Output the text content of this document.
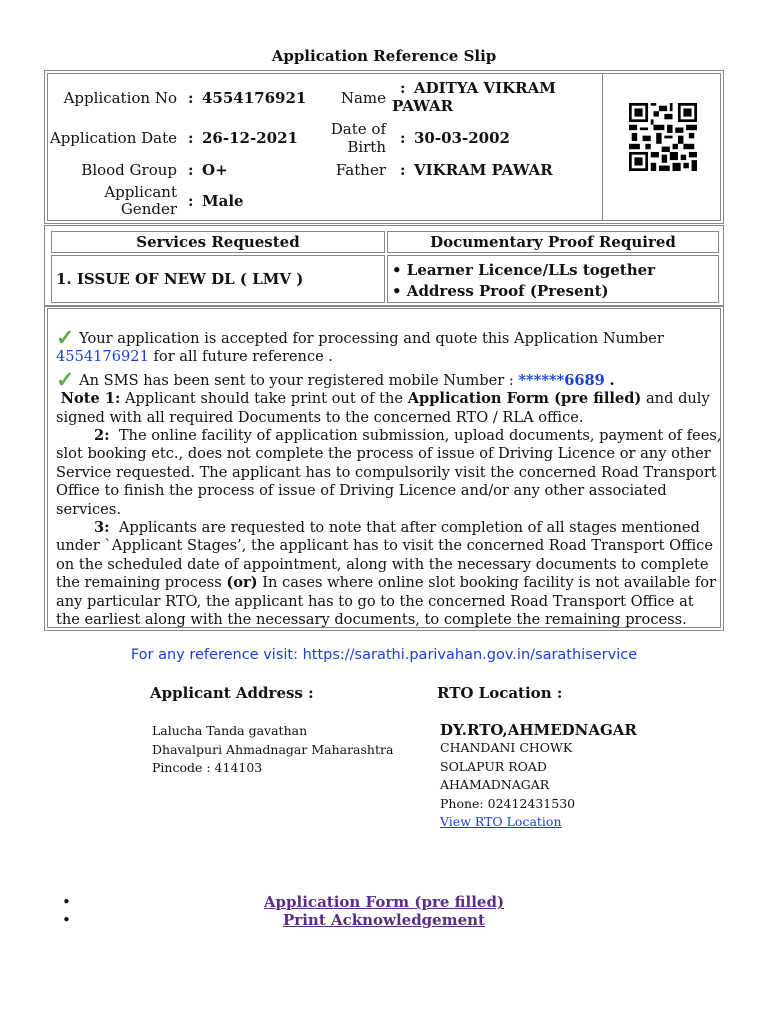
Application Reference Slip
Application No : 4554176921
Application Date : 26-12-2021
Blood Group : O+
Applicant
Gender : Male
Name
: ADITYA VIKRAM
PAWAR
Date of
Birth : 30-03-2002
Father : VIKRAM PAWAR
Services Requested	Documentary Proof Required
1. ISSUE OF NEW DL ( LMV )	• Learner Licence/LLs together
• Address Proof (Present)
✓ Your application is accepted for processing and quote this Application Number 4554176921 for all future reference .
✓ An SMS has been sent to your registered mobile Number : ******6689 .
Note 1: Applicant should take print out of the Application Form (pre filled) and duly signed with all required Documents to the concerned RTO / RLA office.
2: The online facility of application submission, upload documents, payment of fees, slot booking etc., does not complete the process of issue of Driving Licence or any other Service requested. The applicant has to compulsorily visit the concerned Road Transport Office to finish the process of issue of Driving Licence and/or any other associated services.
3: Applicants are requested to note that after completion of all stages mentioned under `Applicant Stages’, the applicant has to visit the concerned Road Transport Office on the scheduled date of appointment, along with the necessary documents to complete the remaining process (or) In cases where online slot booking facility is not available for any particular RTO, the applicant has to go to the concerned Road Transport Office at the earliest along with the necessary documents, to complete the remaining process.
For any reference visit: https://sarathi.parivahan.gov.in/sarathiservice
Applicant Address :	RTO Location :
Lalucha Tanda gavathan
Dhavalpuri Ahmadnagar Maharashtra
Pincode : 414103
DY.RTO,AHMEDNAGAR
CHANDANI CHOWK
SOLAPUR ROAD
AHAMADNAGAR
Phone: 02412431530
View RTO Location
•	Application Form (pre filled)
•	Print Acknowledgement
